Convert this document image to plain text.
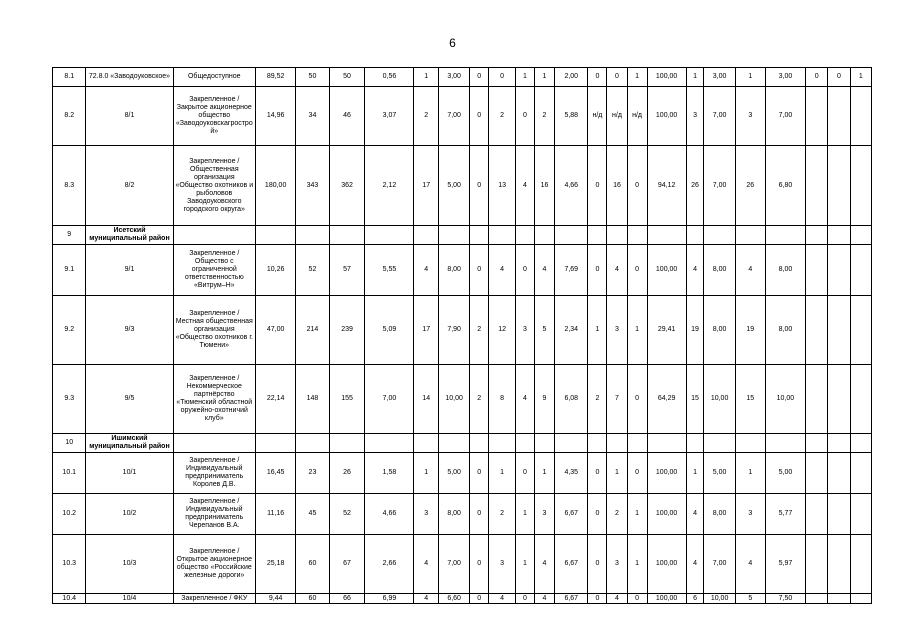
6
8.1	72.8.0 «Заводоуковское»	Общедоступное	89,52	50	50	0,56	1	3,00	0	0	1	1	2,00	0	0	1	100,00	1	3,00	1	3,00	0	0	1
8.2	8/1	Закрепленное / Закрытое акционерное общество «Заводоуковскагрострой»	14,96	34	46	3,07	2	7,00	0	2	0	2	5,88	н/д	н/д	н/д	100,00	3	7,00	3	7,00			
8.3	8/2	Закрепленное / Общественная организация «Общество охотников и рыболовов Заводоуковского городского округа»	180,00	343	362	2,12	17	5,00	0	13	4	16	4,66	0	16	0	94,12	26	7,00	26	6,80			
9	Исетский муниципальный район																							
9.1	9/1	Закрепленное / Общество с ограниченной ответственностью «Витрум–Н»	10,26	52	57	5,55	4	8,00	0	4	0	4	7,69	0	4	0	100,00	4	8,00	4	8,00			
9.2	9/3	Закрепленное / Местная общественная организация «Общество охотников г. Тюмени»	47,00	214	239	5,09	17	7,90	2	12	3	5	2,34	1	3	1	29,41	19	8,00	19	8,00			
9.3	9/5	Закрепленное / Некоммерческое партнёрство «Тюменский областной оружейно-охотничий клуб»	22,14	148	155	7,00	14	10,00	2	8	4	9	6,08	2	7	0	64,29	15	10,00	15	10,00			
10	Ишимский муниципальный район																							
10.1	10/1	Закрепленное / Индивидуальный предприниматель Королев Д.В.	16,45	23	26	1,58	1	5,00	0	1	0	1	4,35	0	1	0	100,00	1	5,00	1	5,00			
10.2	10/2	Закрепленное / Индивидуальный предприниматель Черепанов В.А.	11,16	45	52	4,66	3	8,00	0	2	1	3	6,67	0	2	1	100,00	4	8,00	3	5,77			
10.3	10/3	Закрепленное / Открытое акционерное общество «Российские железные дороги»	25,18	60	67	2,66	4	7,00	0	3	1	4	6,67	0	3	1	100,00	4	7,00	4	5,97			
10.4	10/4	Закрепленное / ФКУ	9,44	60	66	6,99	4	6,60	0	4	0	4	6,67	0	4	0	100,00	6	10,00	5	7,50			
